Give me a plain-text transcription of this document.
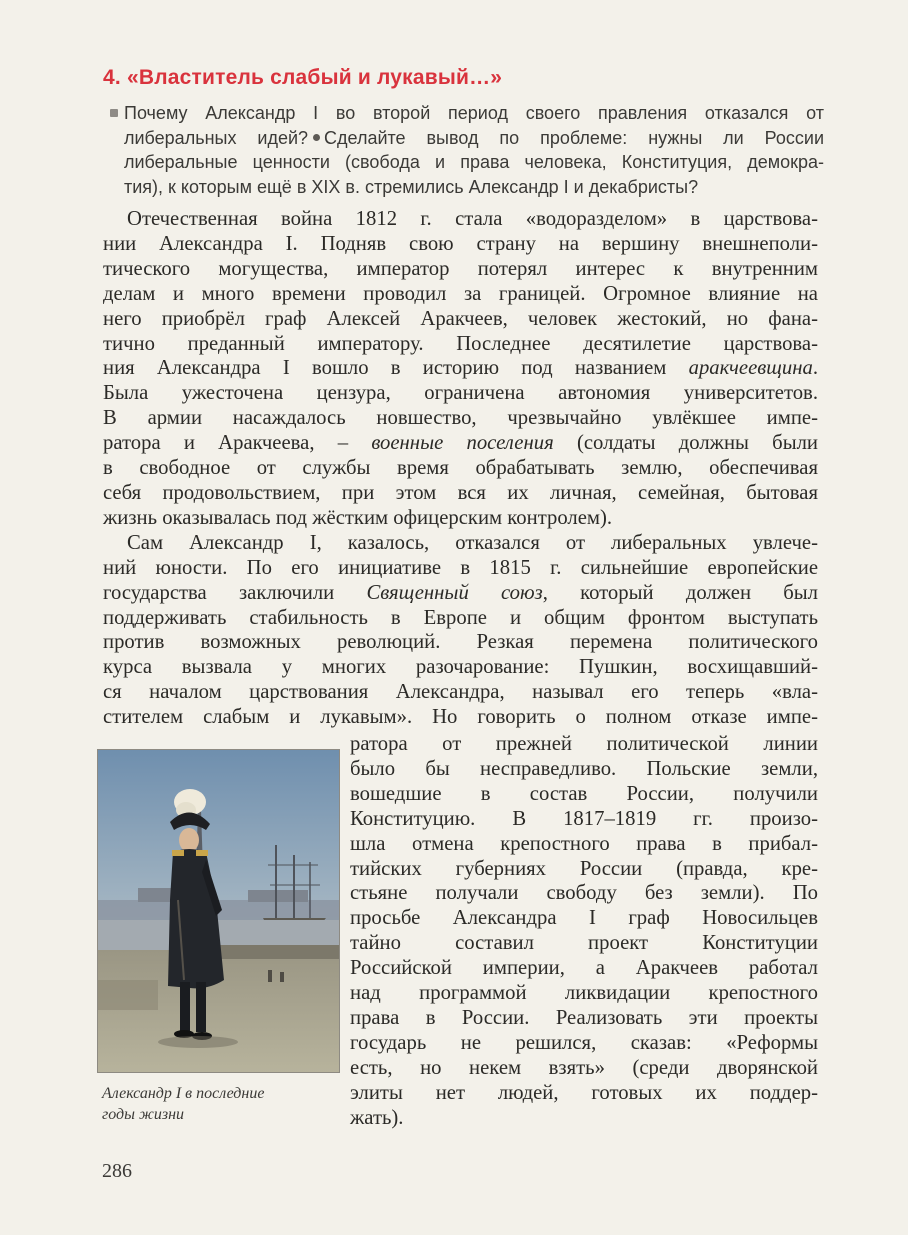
4. «Властитель слабый и лукавый…»
Почему Александр I во второй период своего правления отказался от
либеральных идей? Сделайте вывод по проблеме: нужны ли России
либеральные ценности (свобода и права человека, Конституция, демокра-
тия), к которым ещё в XIX в. стремились Александр I и декабристы?
Отечественная война 1812 г. стала «водоразделом» в царствова-
нии Александра I. Подняв свою страну на вершину внешнеполи-
тического могущества, император потерял интерес к внутренним
делам и много времени проводил за границей. Огромное влияние на
него приобрёл граф Алексей Аракчеев, человек жестокий, но фана-
тично преданный императору. Последнее десятилетие царствова-
ния Александра I вошло в историю под названием аракчеевщина.
Была ужесточена цензура, ограничена автономия университетов.
В армии насаждалось новшество, чрезвычайно увлёкшее импе-
ратора и Аракчеева, – военные поселения (солдаты должны были
в свободное от службы время обрабатывать землю, обеспечивая
себя продовольствием, при этом вся их личная, семейная, бытовая
жизнь оказывалась под жёстким офицерским контролем).
Сам Александр I, казалось, отказался от либеральных увлече-
ний юности. По его инициативе в 1815 г. сильнейшие европейские
государства заключили Священный союз, который должен был
поддерживать стабильность в Европе и общим фронтом выступать
против возможных революций. Резкая перемена политического
курса вызвала у многих разочарование: Пушкин, восхищавший-
ся началом царствования Александра, называл его теперь «вла-
стителем слабым и лукавым». Но говорить о полном отказе импе-
ратора от прежней политической линии
было бы несправедливо. Польские земли,
вошедшие в состав России, получили
Конституцию. В 1817–1819 гг. произо-
шла отмена крепостного права в прибал-
тийских губерниях России (правда, кре-
стьяне получали свободу без земли). По
просьбе Александра I граф Новосильцев
тайно составил проект Конституции
Российской империи, а Аракчеев работал
над программой ликвидации крепостного
права в России. Реализовать эти проекты
государь не решился, сказав: «Реформы
есть, но некем взять» (среди дворянской
элиты нет людей, готовых их поддер-
жать).
Александр I в последние
годы жизни
286
